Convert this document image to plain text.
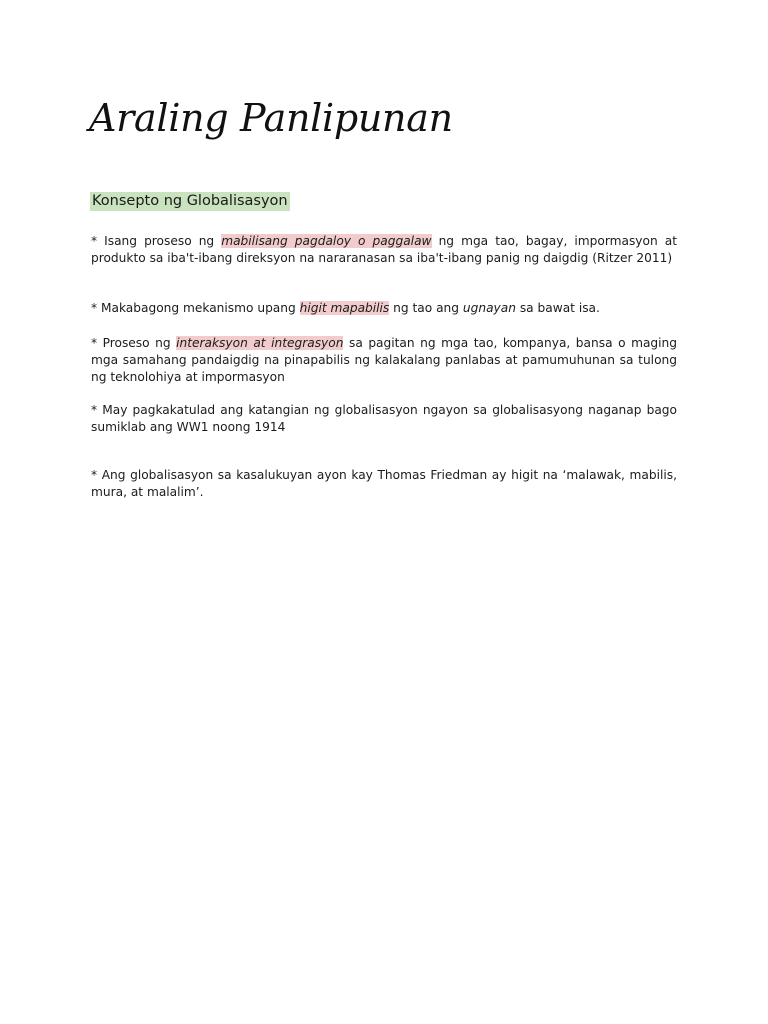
Araling Panlipunan
Konsepto ng Globalisasyon

* Isang proseso ng mabilisang pagdaloy o paggalaw ng mga tao, bagay, impormasyon at produkto sa iba't-ibang direksyon na nararanasan sa iba't-ibang panig ng daigdig (Ritzer 2011)

* Makabagong mekanismo upang higit mapabilis ng tao ang ugnayan sa bawat isa.

* Proseso ng interaksyon at integrasyon sa pagitan ng mga tao, kompanya, bansa o maging mga samahang pandaigdig na pinapabilis ng kalakalang panlabas at pamumuhunan sa tulong ng teknolohiya at impormasyon

* May pagkakatulad ang katangian ng globalisasyon ngayon sa globalisasyong naganap bago sumiklab ang WW1 noong 1914

* Ang globalisasyon sa kasalukuyan ayon kay Thomas Friedman ay higit na ‘malawak, mabilis, mura, at malalim’.
